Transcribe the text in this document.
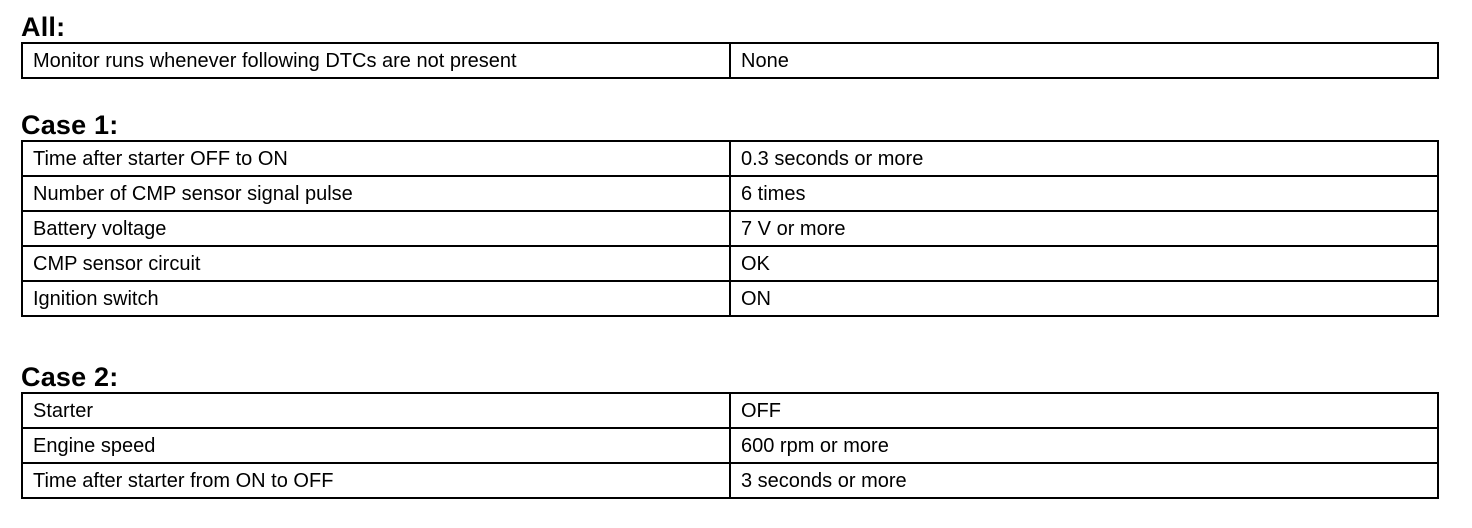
All:
Monitor runs whenever following DTCs are not present	None
Case 1:
Time after starter OFF to ON	0.3 seconds or more
Number of CMP sensor signal pulse	6 times
Battery voltage	7 V or more
CMP sensor circuit	OK
Ignition switch	ON
Case 2:
Starter	OFF
Engine speed	600 rpm or more
Time after starter from ON to OFF	3 seconds or more
